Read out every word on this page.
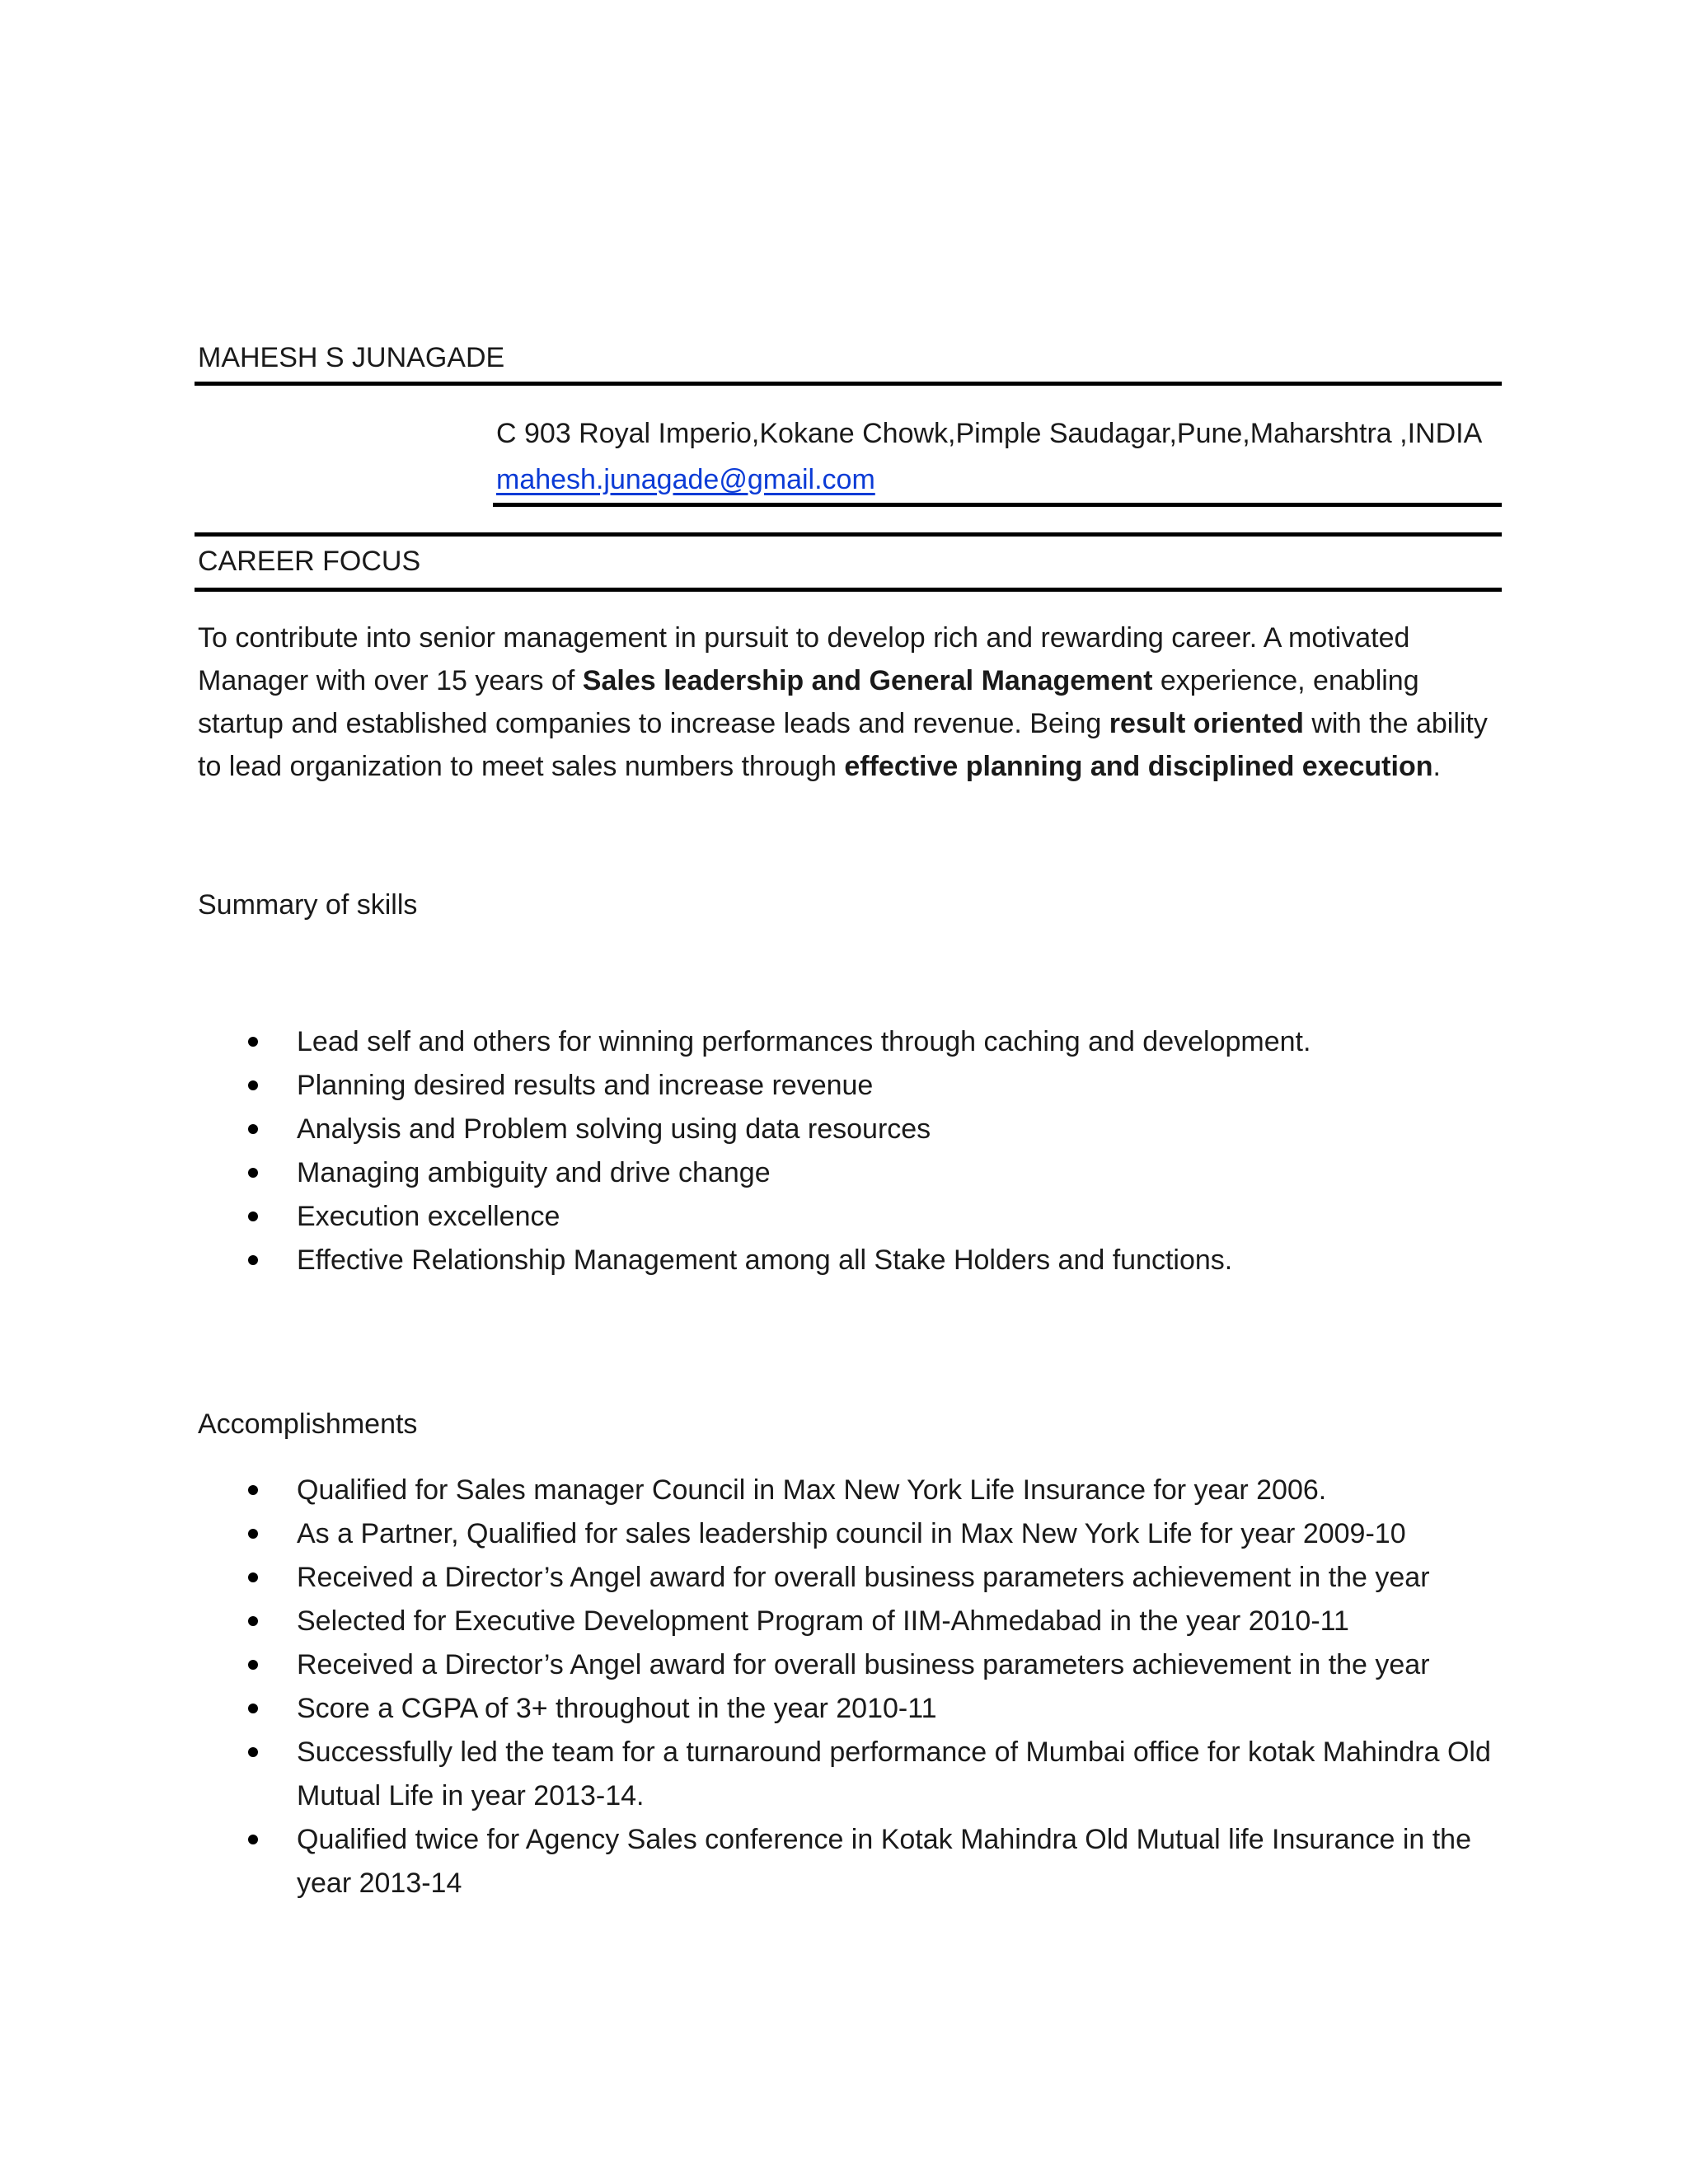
MAHESH S JUNAGADE
C 903 Royal Imperio,Kokane Chowk,Pimple Saudagar,Pune,Maharshtra ,INDIA
mahesh.junagade@gmail.com
CAREER FOCUS
To contribute into senior management in pursuit to develop rich and rewarding career. A motivated Manager with over 15 years of Sales leadership and General Management experience, enabling startup and established companies to increase leads and revenue. Being result oriented with the ability to lead organization to meet sales numbers through effective planning and disciplined execution.
Summary of skills
Lead self and others for winning performances through caching and development.
Planning desired results and increase revenue
Analysis and Problem solving using data resources
Managing ambiguity and drive change
Execution excellence
Effective Relationship Management among all Stake Holders and functions.
Accomplishments
Qualified for Sales manager Council in Max New York Life Insurance for year 2006.
As a Partner, Qualified for sales leadership council in Max New York Life for year 2009-10
Received a Director’s Angel award for overall business parameters achievement in the year
Selected for Executive Development Program of IIM-Ahmedabad in the year 2010-11
Received a Director’s Angel award for overall business parameters achievement in the year
Score a CGPA of 3+ throughout in the year 2010-11
Successfully led the team for a turnaround performance of Mumbai office for kotak Mahindra Old Mutual Life in year 2013-14.
Qualified twice for Agency Sales conference in Kotak Mahindra Old Mutual life Insurance in the year 2013-14
